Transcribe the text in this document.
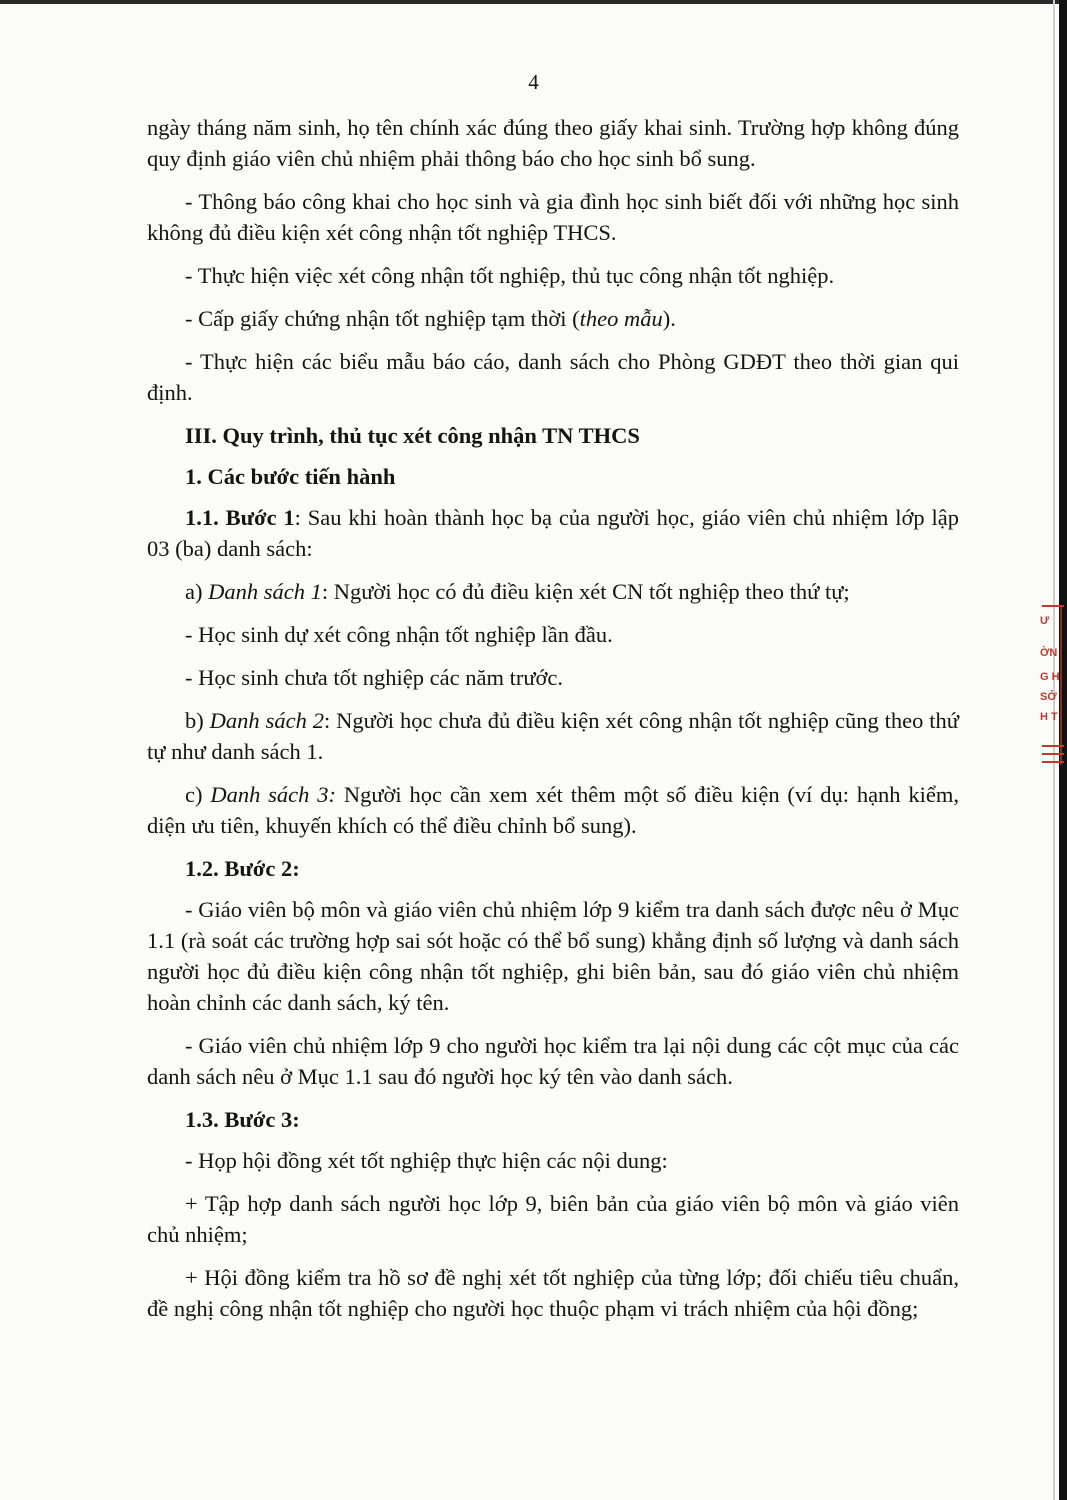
4

ngày tháng năm sinh, họ tên chính xác đúng theo giấy khai sinh. Trường hợp không đúng quy định giáo viên chủ nhiệm phải thông báo cho học sinh bổ sung.

- Thông báo công khai cho học sinh và gia đình học sinh biết đối với những học sinh không đủ điều kiện xét công nhận tốt nghiệp THCS.

- Thực hiện việc xét công nhận tốt nghiệp, thủ tục công nhận tốt nghiệp.

- Cấp giấy chứng nhận tốt nghiệp tạm thời (theo mẫu).

- Thực hiện các biểu mẫu báo cáo, danh sách cho Phòng GDĐT theo thời gian qui định.

III. Quy trình, thủ tục xét công nhận TN THCS

1. Các bước tiến hành

1.1. Bước 1: Sau khi hoàn thành học bạ của người học, giáo viên chủ nhiệm lớp lập 03 (ba) danh sách:

a) Danh sách 1: Người học có đủ điều kiện xét CN tốt nghiệp theo thứ tự;

- Học sinh dự xét công nhận tốt nghiệp lần đầu.

- Học sinh chưa tốt nghiệp các năm trước.

b) Danh sách 2: Người học chưa đủ điều kiện xét công nhận tốt nghiệp cũng theo thứ tự như danh sách 1.

c) Danh sách 3: Người học cần xem xét thêm một số điều kiện (ví dụ: hạnh kiểm, diện ưu tiên, khuyến khích có thể điều chỉnh bổ sung).

1.2. Bước 2:

- Giáo viên bộ môn và giáo viên chủ nhiệm lớp 9 kiểm tra danh sách được nêu ở Mục 1.1 (rà soát các trường hợp sai sót hoặc có thể bổ sung) khẳng định số lượng và danh sách người học đủ điều kiện công nhận tốt nghiệp, ghi biên bản, sau đó giáo viên chủ nhiệm hoàn chỉnh các danh sách, ký tên.

- Giáo viên chủ nhiệm lớp 9 cho người học kiểm tra lại nội dung các cột mục của các danh sách nêu ở Mục 1.1 sau đó người học ký tên vào danh sách.

1.3. Bước 3:

- Họp hội đồng xét tốt nghiệp thực hiện các nội dung:

+ Tập hợp danh sách người học lớp 9, biên bản của giáo viên bộ môn và giáo viên chủ nhiệm;

+ Hội đồng kiểm tra hồ sơ đề nghị xét tốt nghiệp của từng lớp; đối chiếu tiêu chuẩn, đề nghị công nhận tốt nghiệp cho người học thuộc phạm vi trách nhiệm của hội đồng;

Ư
ỜN
G H
SỞ
H T
